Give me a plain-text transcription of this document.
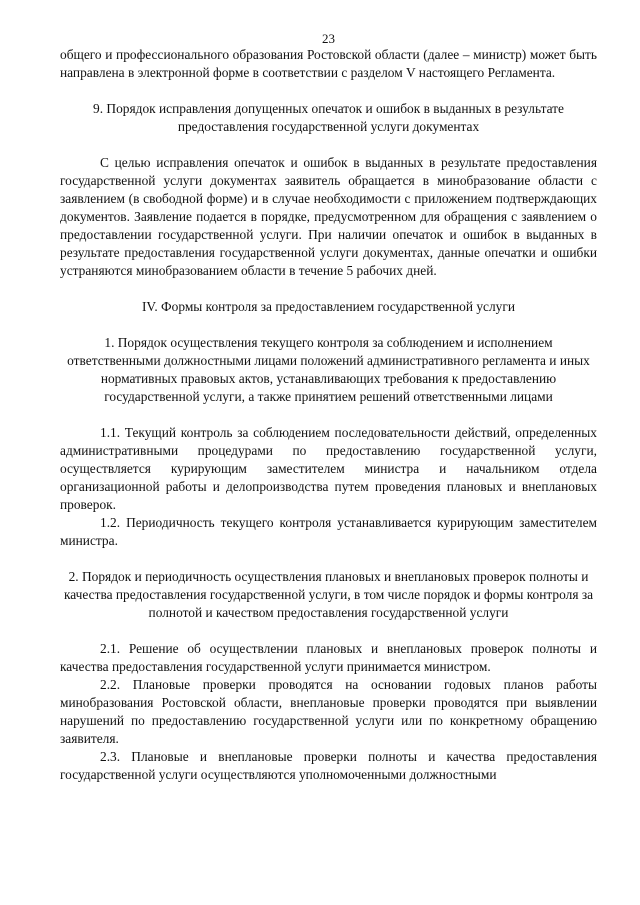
23

общего и профессионального образования Ростовской области (далее – министр) может быть направлена в электронной форме в соответствии с разделом V настоящего Регламента.

9. Порядок исправления допущенных опечаток и ошибок в выданных в результате предоставления государственной услуги документах

С целью исправления опечаток и ошибок в выданных в результате предоставления государственной услуги документах заявитель обращается в минобразование области с заявлением (в свободной форме) и в случае необходимости с приложением подтверждающих документов. Заявление подается в порядке, предусмотренном для обращения с заявлением о предоставлении государственной услуги. При наличии опечаток и ошибок в выданных в результате предоставления государственной услуги документах, данные опечатки и ошибки устраняются минобразованием области в течение 5 рабочих дней.

IV. Формы контроля за предоставлением государственной услуги

1. Порядок осуществления текущего контроля за соблюдением и исполнением ответственными должностными лицами положений административного регламента и иных нормативных правовых актов, устанавливающих требования к предоставлению государственной услуги, а также принятием решений ответственными лицами

1.1. Текущий контроль за соблюдением последовательности действий, определенных административными процедурами по предоставлению государственной услуги, осуществляется курирующим заместителем министра и начальником отдела организационной работы и делопроизводства путем проведения плановых и внеплановых проверок.

1.2. Периодичность текущего контроля устанавливается курирующим заместителем министра.

2. Порядок и периодичность осуществления плановых и внеплановых проверок полноты и качества предоставления государственной услуги, в том числе порядок и формы контроля за полнотой и качеством предоставления государственной услуги

2.1. Решение об осуществлении плановых и внеплановых проверок полноты и качества предоставления государственной услуги принимается министром.

2.2. Плановые проверки проводятся на основании годовых планов работы минобразования Ростовской области, внеплановые проверки проводятся при выявлении нарушений по предоставлению государственной услуги или по конкретному обращению заявителя.

2.3. Плановые и внеплановые проверки полноты и качества предоставления государственной услуги осуществляются уполномоченными должностными
